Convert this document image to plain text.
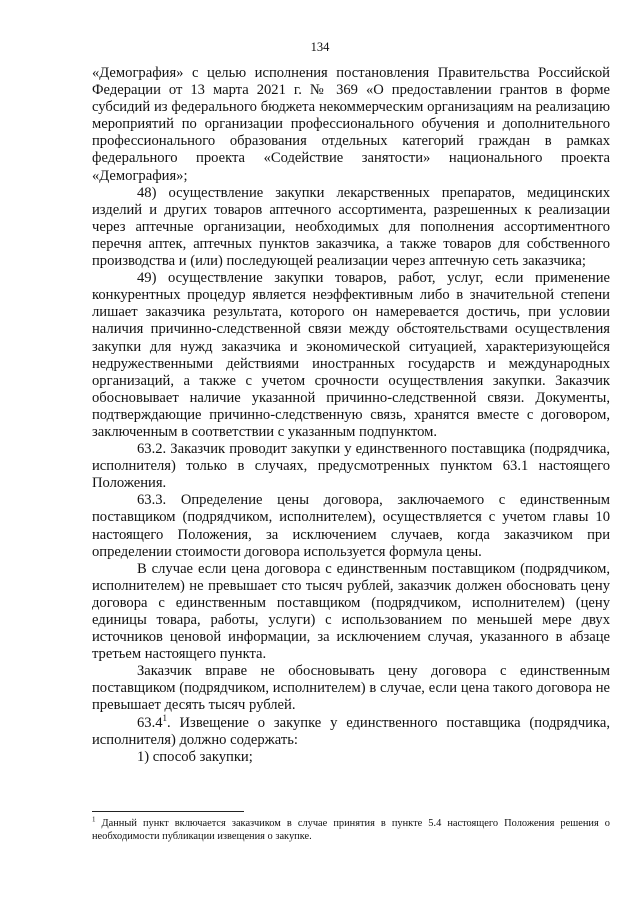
134

«Демография» с целью исполнения постановления Правительства Российской Федерации от 13 марта 2021 г. № 369 «О предоставлении грантов в форме субсидий из федерального бюджета некоммерческим организациям на реализацию мероприятий по организации профессионального обучения и дополнительного профессионального образования отдельных категорий граждан в рамках федерального проекта «Содействие занятости» национального проекта «Демография»;

48) осуществление закупки лекарственных препаратов, медицинских изделий и других товаров аптечного ассортимента, разрешенных к реализации через аптечные организации, необходимых для пополнения ассортиментного перечня аптек, аптечных пунктов заказчика, а также товаров для собственного производства и (или) последующей реализации через аптечную сеть заказчика;

49) осуществление закупки товаров, работ, услуг, если применение конкурентных процедур является неэффективным либо в значительной степени лишает заказчика результата, которого он намеревается достичь, при условии наличия причинно-следственной связи между обстоятельствами осуществления закупки для нужд заказчика и экономической ситуацией, характеризующейся недружественными действиями иностранных государств и международных организаций, а также с учетом срочности осуществления закупки. Заказчик обосновывает наличие указанной причинно-следственной связи. Документы, подтверждающие причинно-следственную связь, хранятся вместе с договором, заключенным в соответствии с указанным подпунктом.

63.2. Заказчик проводит закупки у единственного поставщика (подрядчика, исполнителя) только в случаях, предусмотренных пунктом 63.1 настоящего Положения.

63.3. Определение цены договора, заключаемого с единственным поставщиком (подрядчиком, исполнителем), осуществляется с учетом главы 10 настоящего Положения, за исключением случаев, когда заказчиком при определении стоимости договора используется формула цены.

В случае если цена договора с единственным поставщиком (подрядчиком, исполнителем) не превышает сто тысяч рублей, заказчик должен обосновать цену договора с единственным поставщиком (подрядчиком, исполнителем) (цену единицы товара, работы, услуги) с использованием по меньшей мере двух источников ценовой информации, за исключением случая, указанного в абзаце третьем настоящего пункта.

Заказчик вправе не обосновывать цену договора с единственным поставщиком (подрядчиком, исполнителем) в случае, если цена такого договора не превышает десять тысяч рублей.

63.4$^1$. Извещение о закупке у единственного поставщика (подрядчика, исполнителя) должно содержать:

1) способ закупки;

$^1$ Данный пункт включается заказчиком в случае принятия в пункте 5.4 настоящего Положения решения о необходимости публикации извещения о закупке.
